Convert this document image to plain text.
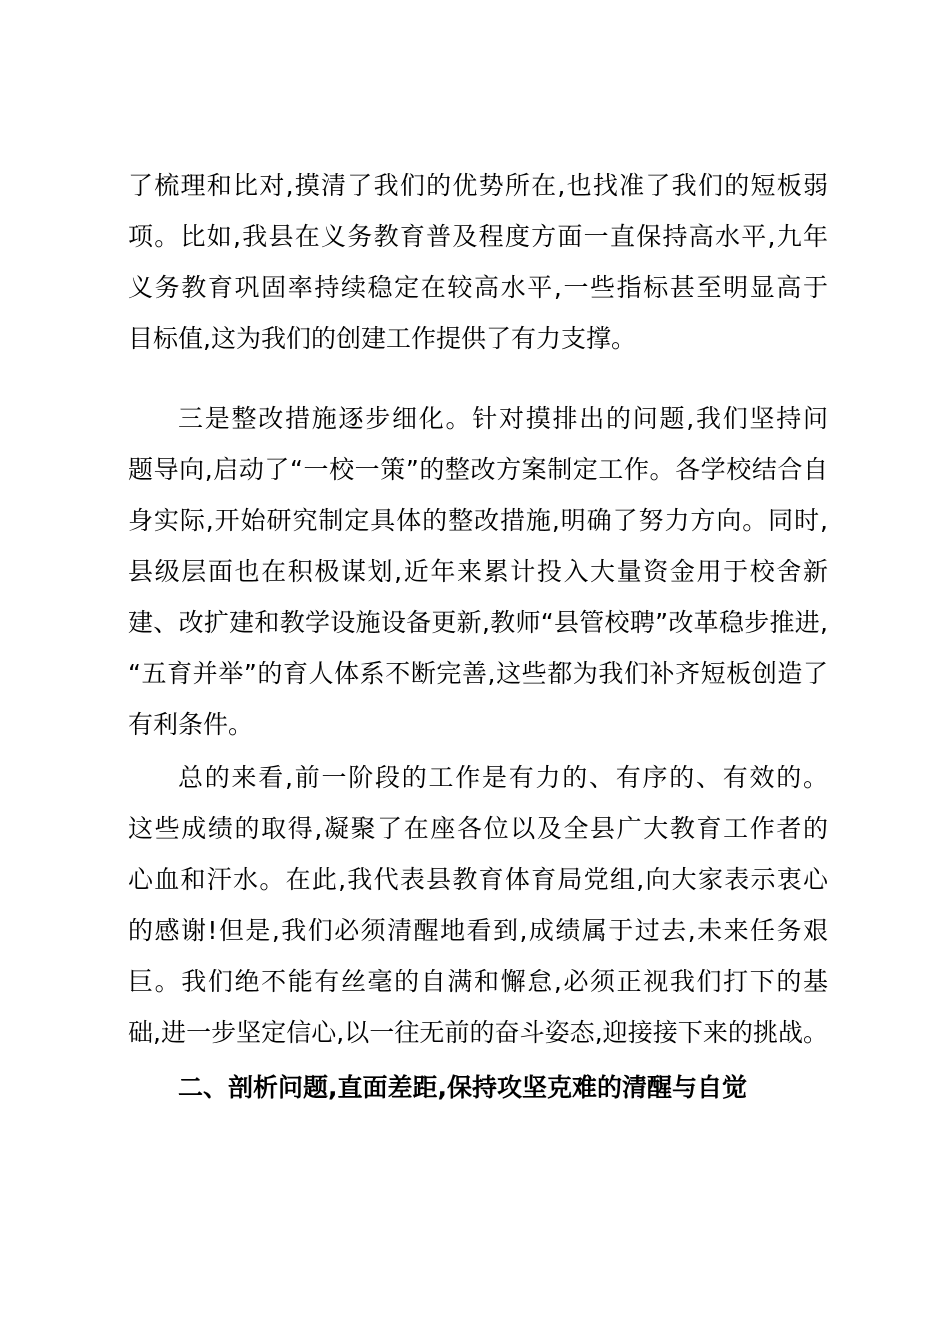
了梳理和比对,摸清了我们的优势所在,也找准了我们的短板弱
项。比如,我县在义务教育普及程度方面一直保持高水平,九年
义务教育巩固率持续稳定在较高水平,一些指标甚至明显高于
目标值,这为我们的创建工作提供了有力支撑。
三是整改措施逐步细化。针对摸排出的问题,我们坚持问
题导向,启动了“一校一策”的整改方案制定工作。各学校结合自
身实际,开始研究制定具体的整改措施,明确了努力方向。同时,
县级层面也在积极谋划,近年来累计投入大量资金用于校舍新
建、改扩建和教学设施设备更新,教师“县管校聘”改革稳步推进,
“五育并举”的育人体系不断完善,这些都为我们补齐短板创造了
有利条件。
总的来看,前一阶段的工作是有力的、有序的、有效的。
这些成绩的取得,凝聚了在座各位以及全县广大教育工作者的
心血和汗水。在此,我代表县教育体育局党组,向大家表示衷心
的感谢!但是,我们必须清醒地看到,成绩属于过去,未来任务艰
巨。我们绝不能有丝毫的自满和懈怠,必须正视我们打下的基
础,进一步坚定信心,以一往无前的奋斗姿态,迎接接下来的挑战。
二、剖析问题,直面差距,保持攻坚克难的清醒与自觉
